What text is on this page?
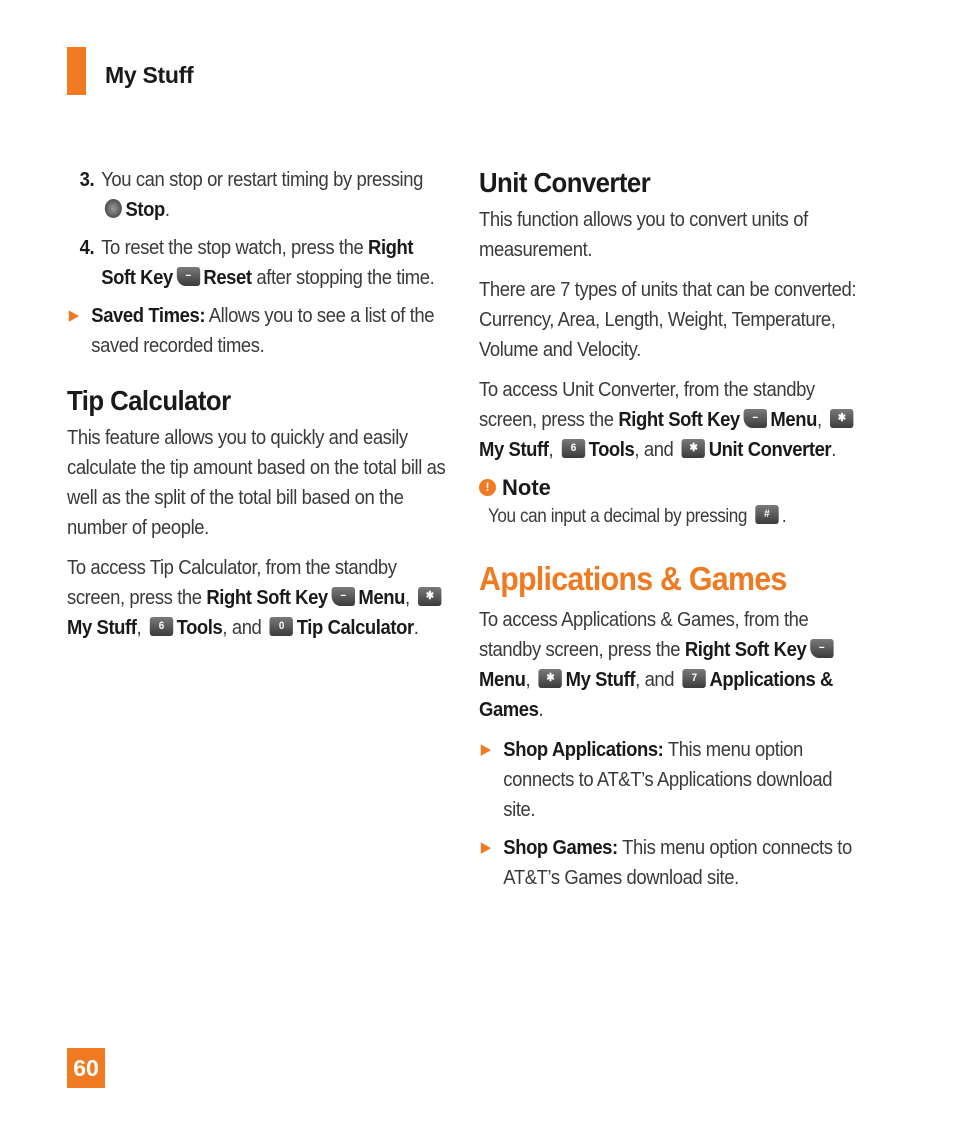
My Stuff
3. You can stop or restart timing by pressing Stop.
4. To reset the stop watch, press the Right Soft Key − Reset after stopping the time.
▶ Saved Times: Allows you to see a list of the saved recorded times.
Tip Calculator
This feature allows you to quickly and easily calculate the tip amount based on the total bill as well as the split of the total bill based on the number of people.
To access Tip Calculator, from the standby screen, press the Right Soft Key − Menu, ✱My Stuff, 6 Tools, and 0 Tip Calculator.
Unit Converter
This function allows you to convert units of measurement.
There are 7 types of units that can be converted: Currency, Area, Length, Weight, Temperature, Volume and Velocity.
To access Unit Converter, from the standby screen, press the Right Soft Key − Menu, ✱My Stuff, 6 Tools, and ✱ Unit Converter.
! Note
You can input a decimal by pressing # .
Applications & Games
To access Applications & Games, from the standby screen, press the Right Soft Key − Menu, ✱ My Stuff, and 7 Applications & Games.
▶ Shop Applications: This menu option connects to AT&T’s Applications download site.
▶ Shop Games: This menu option connects to AT&T’s Games download site.
60
